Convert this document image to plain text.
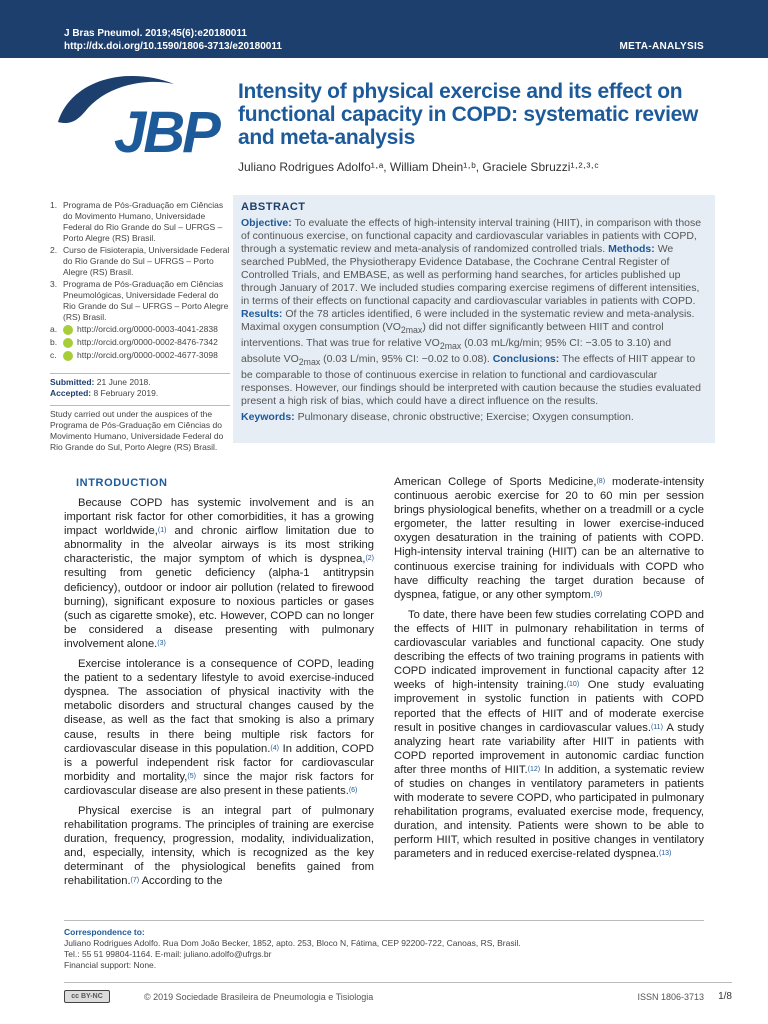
J Bras Pneumol. 2019;45(6):e20180011
http://dx.doi.org/10.1590/1806-3713/e20180011	META-ANALYSIS
JBP
Intensity of physical exercise and its effect on functional capacity in COPD: systematic review and meta-analysis
Juliano Rodrigues Adolfo¹·ᵃ, William Dhein¹·ᵇ, Graciele Sbruzzi¹·²·³·ᶜ
1. Programa de Pós-Graduação em Ciências do Movimento Humano, Universidade Federal do Rio Grande do Sul – UFRGS – Porto Alegre (RS) Brasil.
2. Curso de Fisioterapia, Universidade Federal do Rio Grande do Sul – UFRGS – Porto Alegre (RS) Brasil.
3. Programa de Pós-Graduação em Ciências Pneumológicas, Universidade Federal do Rio Grande do Sul – UFRGS – Porto Alegre (RS) Brasil.
a.	http://orcid.org/0000-0003-4041-2838
b.	http://orcid.org/0000-0002-8476-7342
c.	http://orcid.org/0000-0002-4677-3098
Submitted: 21 June 2018.
Accepted: 8 February 2019.
Study carried out under the auspices of the Programa de Pós-Graduação em Ciências do Movimento Humano, Universidade Federal do Rio Grande do Sul, Porto Alegre (RS) Brasil.
ABSTRACT
Objective: To evaluate the effects of high-intensity interval training (HIIT), in comparison with those of continuous exercise, on functional capacity and cardiovascular variables in patients with COPD, through a systematic review and meta-analysis of randomized controlled trials. Methods: We searched PubMed, the Physiotherapy Evidence Database, the Cochrane Central Register of Controlled Trials, and EMBASE, as well as performing hand searches, for articles published up through January of 2017. We included studies comparing exercise regimens of different intensities, in terms of their effects on functional capacity and cardiovascular variables in patients with COPD. Results: Of the 78 articles identified, 6 were included in the systematic review and meta-analysis. Maximal oxygen consumption $(VO_{2max})$ did not differ significantly between HIIT and control interventions. That was true for relative $VO_{2max}$ (0.03 mL/kg/min; 95% CI: −3.05 to 3.10) and absolute $VO_{2max}$ (0.03 L/min, 95% CI: −0.02 to 0.08). Conclusions: The effects of HIIT appear to be comparable to those of continuous exercise in relation to functional and cardiovascular responses. However, our findings should be interpreted with caution because the studies evaluated present a high risk of bias, which could have a direct influence on the results.
Keywords: Pulmonary disease, chronic obstructive; Exercise; Oxygen consumption.
INTRODUCTION

Because COPD has systemic involvement and is an important risk factor for other comorbidities, it has a growing impact worldwide,$^{(1)}$ and chronic airflow limitation due to abnormality in the alveolar airways is its most striking characteristic, the major symptom of which is dyspnea,$^{(2)}$ resulting from genetic deficiency (alpha-1 antitrypsin deficiency), outdoor or indoor air pollution (related to firewood burning), significant exposure to noxious particles or gases (such as cigarette smoke), etc. However, COPD can no longer be considered a disease presenting with pulmonary involvement alone.$^{(3)}$

Exercise intolerance is a consequence of COPD, leading the patient to a sedentary lifestyle to avoid exercise-induced dyspnea. The association of physical inactivity with the metabolic disorders and structural changes caused by the disease, as well as the fact that smoking is also a primary cause, results in there being multiple risk factors for cardiovascular disease in this population.$^{(4)}$ In addition, COPD is a powerful independent risk factor for cardiovascular morbidity and mortality,$^{(5)}$ since the major risk factors for cardiovascular disease are also present in these patients.$^{(6)}$

Physical exercise is an integral part of pulmonary rehabilitation programs. The principles of training are exercise duration, frequency, progression, modality, individualization, and, especially, intensity, which is recognized as the key determinant of the physiological benefits gained from rehabilitation.$^{(7)}$ According to the

American College of Sports Medicine,$^{(8)}$ moderate-intensity continuous aerobic exercise for 20 to 60 min per session brings physiological benefits, whether on a treadmill or a cycle ergometer, the latter resulting in lower exercise-induced oxygen desaturation in the training of patients with COPD. High-intensity interval training (HIIT) can be an alternative to continuous exercise training for individuals with COPD who have difficulty reaching the target duration because of dyspnea, fatigue, or any other symptom.$^{(9)}$

To date, there have been few studies correlating COPD and the effects of HIIT in pulmonary rehabilitation in terms of cardiovascular variables and functional capacity. One study describing the effects of two training programs in patients with COPD indicated improvement in functional capacity after 12 weeks of high-intensity training.$^{(10)}$ One study evaluating improvement in systolic function in patients with COPD reported that the effects of HIIT and of moderate exercise result in positive changes in cardiovascular values.$^{(11)}$ A study analyzing heart rate variability after HIIT in patients with COPD reported improvement in autonomic cardiac function after three months of HIIT.$^{(12)}$ In addition, a systematic review of studies on changes in ventilatory parameters in patients with moderate to severe COPD, who participated in pulmonary rehabilitation programs, evaluated exercise mode, frequency, duration, and intensity. Patients were shown to be able to perform HIIT, which resulted in positive changes in ventilatory parameters and in reduced exercise-related dyspnea.$^{(13)}$

Correspondence to:
Juliano Rodrigues Adolfo. Rua Dom João Becker, 1852, apto. 253, Bloco N, Fátima, CEP 92200-722, Canoas, RS, Brasil.
Tel.: 55 51 99804-1164. E-mail: juliano.adolfo@ufrgs.br
Financial support: None.
cc BY-NC	© 2019 Sociedade Brasileira de Pneumologia e Tisiologia	ISSN 1806-3713 1/8
